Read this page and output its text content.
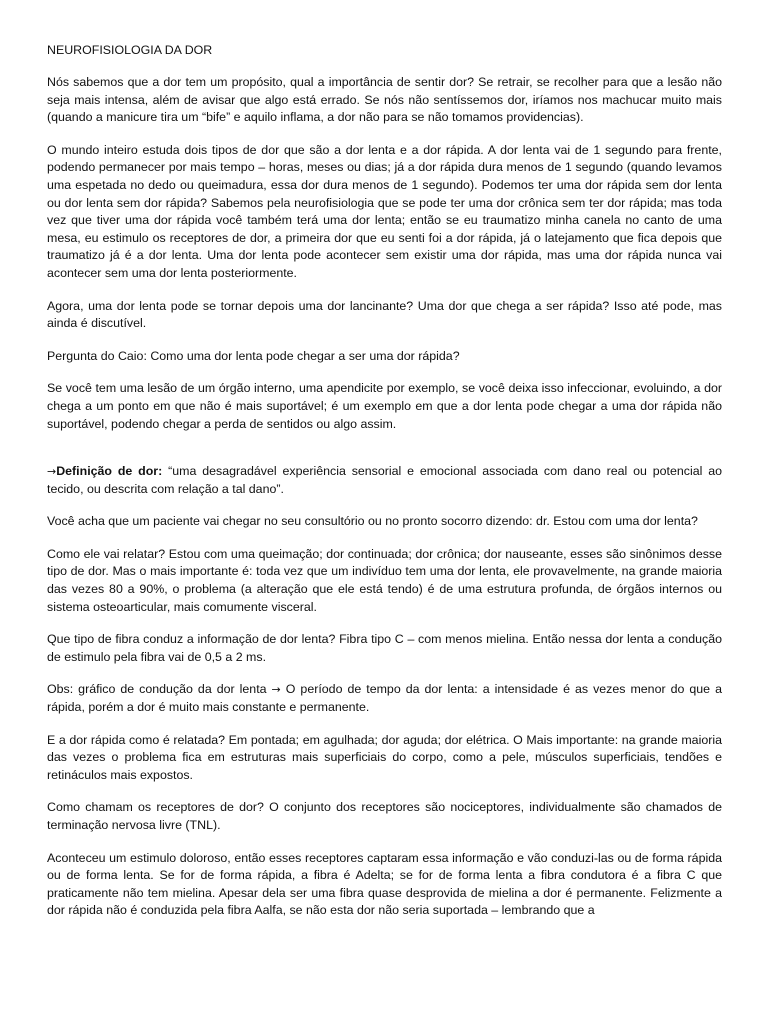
NEUROFISIOLOGIA DA DOR

Nós sabemos que a dor tem um propósito, qual a importância de sentir dor? Se retrair, se recolher para que a lesão não seja mais intensa, além de avisar que algo está errado. Se nós não sentíssemos dor, iríamos nos machucar muito mais (quando a manicure tira um “bife” e aquilo inflama, a dor não para se não tomamos providencias).

O mundo inteiro estuda dois tipos de dor que são a dor lenta e a dor rápida. A dor lenta vai de 1 segundo para frente, podendo permanecer por mais tempo – horas, meses ou dias; já a dor rápida dura menos de 1 segundo (quando levamos uma espetada no dedo ou queimadura, essa dor dura menos de 1 segundo). Podemos ter uma dor rápida sem dor lenta ou dor lenta sem dor rápida? Sabemos pela neurofisiologia que se pode ter uma dor crônica sem ter dor rápida; mas toda vez que tiver uma dor rápida você também terá uma dor lenta; então se eu traumatizo minha canela no canto de uma mesa, eu estimulo os receptores de dor, a primeira dor que eu senti foi a dor rápida, já o latejamento que fica depois que traumatizo já é a dor lenta. Uma dor lenta pode acontecer sem existir uma dor rápida, mas uma dor rápida nunca vai acontecer sem uma dor lenta posteriormente.

Agora, uma dor lenta pode se tornar depois uma dor lancinante? Uma dor que chega a ser rápida? Isso até pode, mas ainda é discutível.

Pergunta do Caio: Como uma dor lenta pode chegar a ser uma dor rápida?

Se você tem uma lesão de um órgão interno, uma apendicite por exemplo, se você deixa isso infeccionar, evoluindo, a dor chega a um ponto em que não é mais suportável; é um exemplo em que a dor lenta pode chegar a uma dor rápida não suportável, podendo chegar a perda de sentidos ou algo assim.

→Definição de dor: “uma desagradável experiência sensorial e emocional associada com dano real ou potencial ao tecido, ou descrita com relação a tal dano”.

Você acha que um paciente vai chegar no seu consultório ou no pronto socorro dizendo: dr. Estou com uma dor lenta?

Como ele vai relatar? Estou com uma queimação; dor continuada; dor crônica; dor nauseante, esses são sinônimos desse tipo de dor. Mas o mais importante é: toda vez que um indivíduo tem uma dor lenta, ele provavelmente, na grande maioria das vezes 80 a 90%, o problema (a alteração que ele está tendo) é de uma estrutura profunda, de órgãos internos ou sistema osteoarticular, mais comumente visceral.

Que tipo de fibra conduz a informação de dor lenta? Fibra tipo C – com menos mielina. Então nessa dor lenta a condução de estimulo pela fibra vai de 0,5 a 2 ms.

Obs: gráfico de condução da dor lenta → O período de tempo da dor lenta: a intensidade é as vezes menor do que a rápida, porém a dor é muito mais constante e permanente.

E a dor rápida como é relatada? Em pontada; em agulhada; dor aguda; dor elétrica. O Mais importante: na grande maioria das vezes o problema fica em estruturas mais superficiais do corpo, como a pele, músculos superficiais, tendões e retináculos mais expostos.

Como chamam os receptores de dor? O conjunto dos receptores são nociceptores, individualmente são chamados de terminação nervosa livre (TNL).

Aconteceu um estimulo doloroso, então esses receptores captaram essa informação e vão conduzi-las ou de forma rápida ou de forma lenta. Se for de forma rápida, a fibra é Adelta; se for de forma lenta a fibra condutora é a fibra C que praticamente não tem mielina. Apesar dela ser uma fibra quase desprovida de mielina a dor é permanente. Felizmente a dor rápida não é conduzida pela fibra Aalfa, se não esta dor não seria suportada – lembrando que a
